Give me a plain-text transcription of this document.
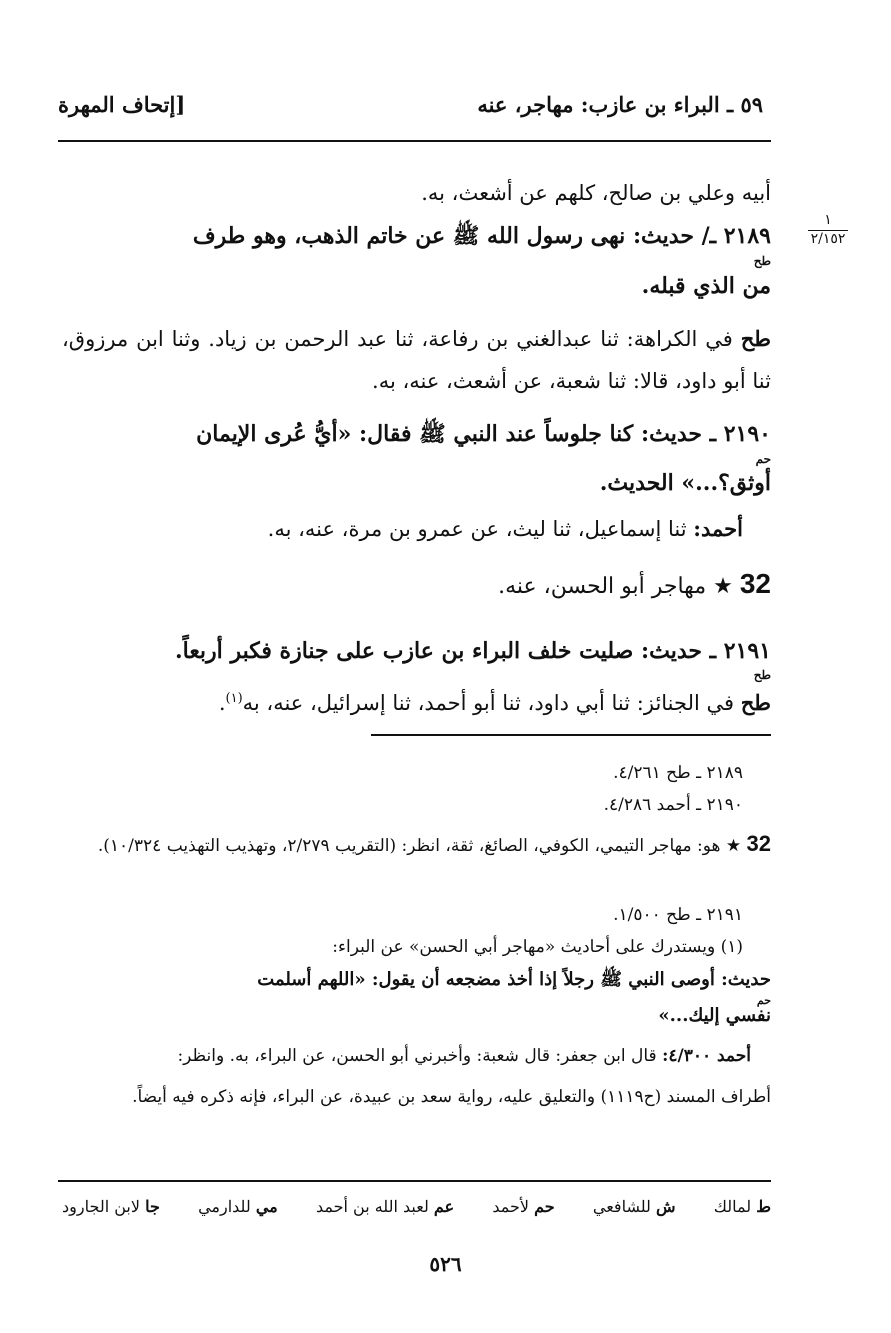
٥٩ ـ البراء بن عازب: مهاجر، عنه
[إتحاف المهرة
١
٢/١٥٢
أبيه وعلي بن صالح، كلهم عن أشعث، به.
٢١٨٩ ـ/ حديث: نهى رسول الله ﷺ عن خاتم الذهب، وهو طرف
طح
من الذي قبله.
طح في الكراهة: ثنا عبدالغني بن رفاعة، ثنا عبد الرحمن بن زياد. وثنا ابن مرزوق، ثنا أبو داود، قالا: ثنا شعبة، عن أشعث، عنه، به.
٢١٩٠ ـ حديث: كنا جلوساً عند النبي ﷺ فقال: «أيُّ عُرى الإيمان
حم
أوثق؟...» الحديث.
أحمد: ثنا إسماعيل، ثنا ليث، عن عمرو بن مرة، عنه، به.
32 ★ مهاجر أبو الحسن، عنه.
٢١٩١ ـ حديث: صليت خلف البراء بن عازب على جنازة فكبر أربعاً.
طح
طح في الجنائز: ثنا أبي داود، ثنا أبو أحمد، ثنا إسرائيل، عنه، به$^{(١)}$.
٢١٨٩ ـ طح ٤/٢٦١.
٢١٩٠ ـ أحمد ٤/٢٨٦.
32 ★ هو: مهاجر التيمي، الكوفي، الصائغ، ثقة، انظر: (التقريب ٢/٢٧٩، وتهذيب التهذيب ١٠/٣٢٤).
٢١٩١ ـ طح ١/٥٠٠.
(١) ويستدرك على أحاديث «مهاجر أبي الحسن» عن البراء:
حديث: أوصى النبي ﷺ رجلاً إذا أخذ مضجعه أن يقول: «اللهم أسلمت
حم
نفسي إليك...»
أحمد ٤/٣٠٠: قال ابن جعفر: قال شعبة: وأخبرني أبو الحسن، عن البراء، به. وانظر:
أطراف المسند (ح١١١٩) والتعليق عليه، رواية سعد بن عبيدة، عن البراء، فإنه ذكره فيه أيضاً.
ط لمالك
ش للشافعي
حم لأحمد
عم لعبد الله بن أحمد
مي للدارمي
جا لابن الجارود
٥٢٦
